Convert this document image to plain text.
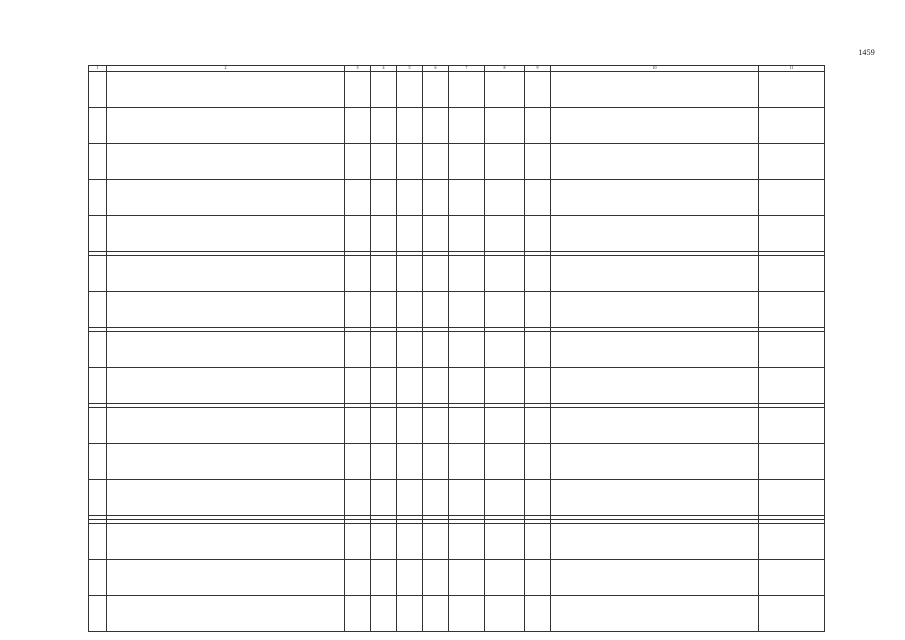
1459
1	2	3	4	5	6	7	8	9	10	11
